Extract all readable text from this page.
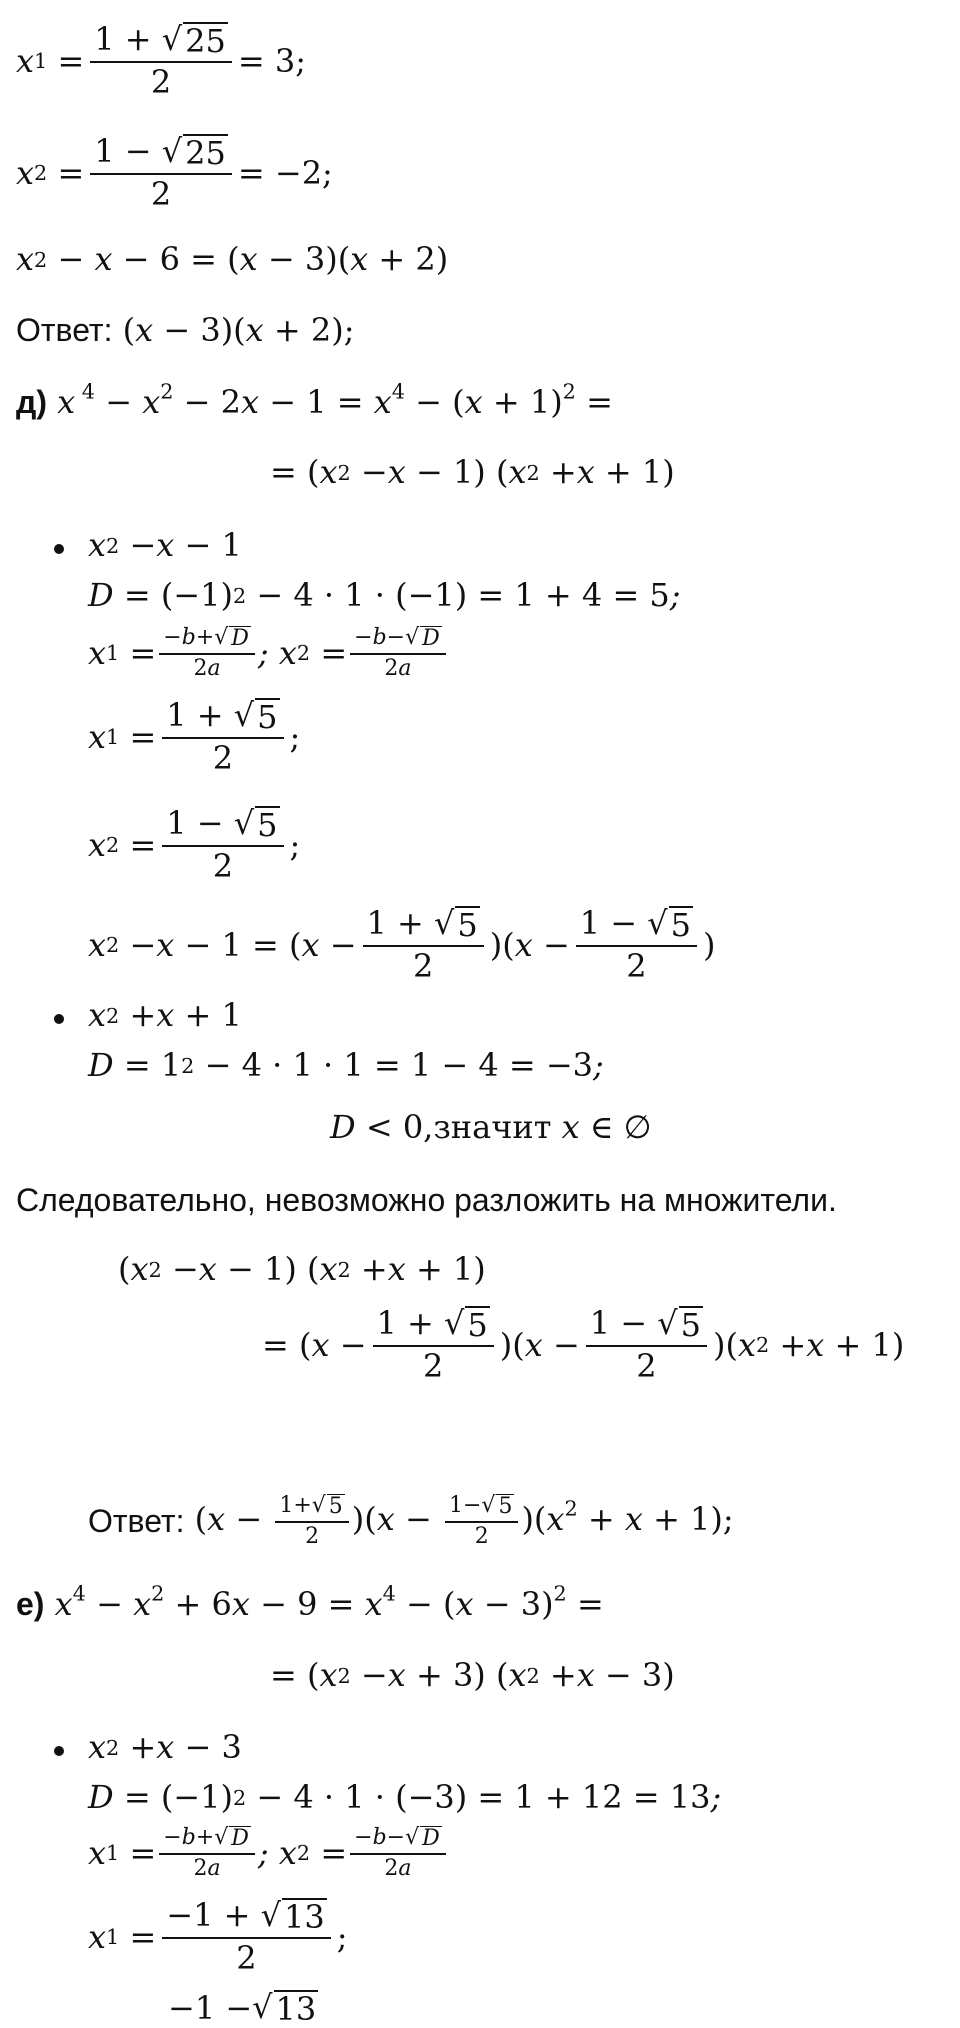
x $1 = \frac{1 + √ 25}{2} = 3$;
x $2 = \frac{1 - √ 25}{2} = -2$;
x 2 − x − 6 = ( x − 3)( x + 2)
Ответ: (x − 3)(x + 2);
д) x $^4 - x^2 - 2x - 1 = x^4 - (x + 1)^2$ =
= ( x 2 − x − 1) ( x 2 + x + 1)
x 2 − x − 1
D = (−1) 2 − 4 · 1 · (−1) = 1 + 4 = 5 ;
x $1 = \frac{-b+ √ D}{2a}$ ;
x $2 = \frac{-b- √ D}{2a}$
x $1 = \frac{1 + √ 5}{2}$ ;
x $2 = \frac{1 - √ 5}{2}$ ;
x 2 − x − 1 = ( $x - \frac{1 + √ 5}{2}$ )( $x - \frac{1 - √ 5}{2}$ )
x 2 + x + 1
D = 1 2 − 4 · 1 · 1 = 1 − 4 = −3 ;
D < 0, значит
x ∈ ∅
Следовательно, невозможно разложить на множители.
( x 2 − x − 1) ( x 2 + x + 1)
= ( $x - \frac{1 + √ 5}{2}$ )( $x - \frac{1 - √ 5}{2}$ )( x 2 + x + 1)
Ответ: $(x - \frac{1+ √ 5}{2} )(x - \frac{1- √ 5}{2} )(x^2 + x + 1)$;
е) $x^4 - x^2 + 6x - 9 = x^4 - (x - 3)^2$ =
= ( x 2 − x + 3) ( x 2 + x − 3)
x 2 + x − 3
D = (−1) 2 − 4 · 1 · (−3) = 1 + 12 = 13 ;
x $1 = \frac{-b+ √ D}{2a}$ ;
x $2 = \frac{-b- √ D}{2a}$
x $1 = \frac{-1 + √ 13}{2}$ ;
−1 − √ 13
